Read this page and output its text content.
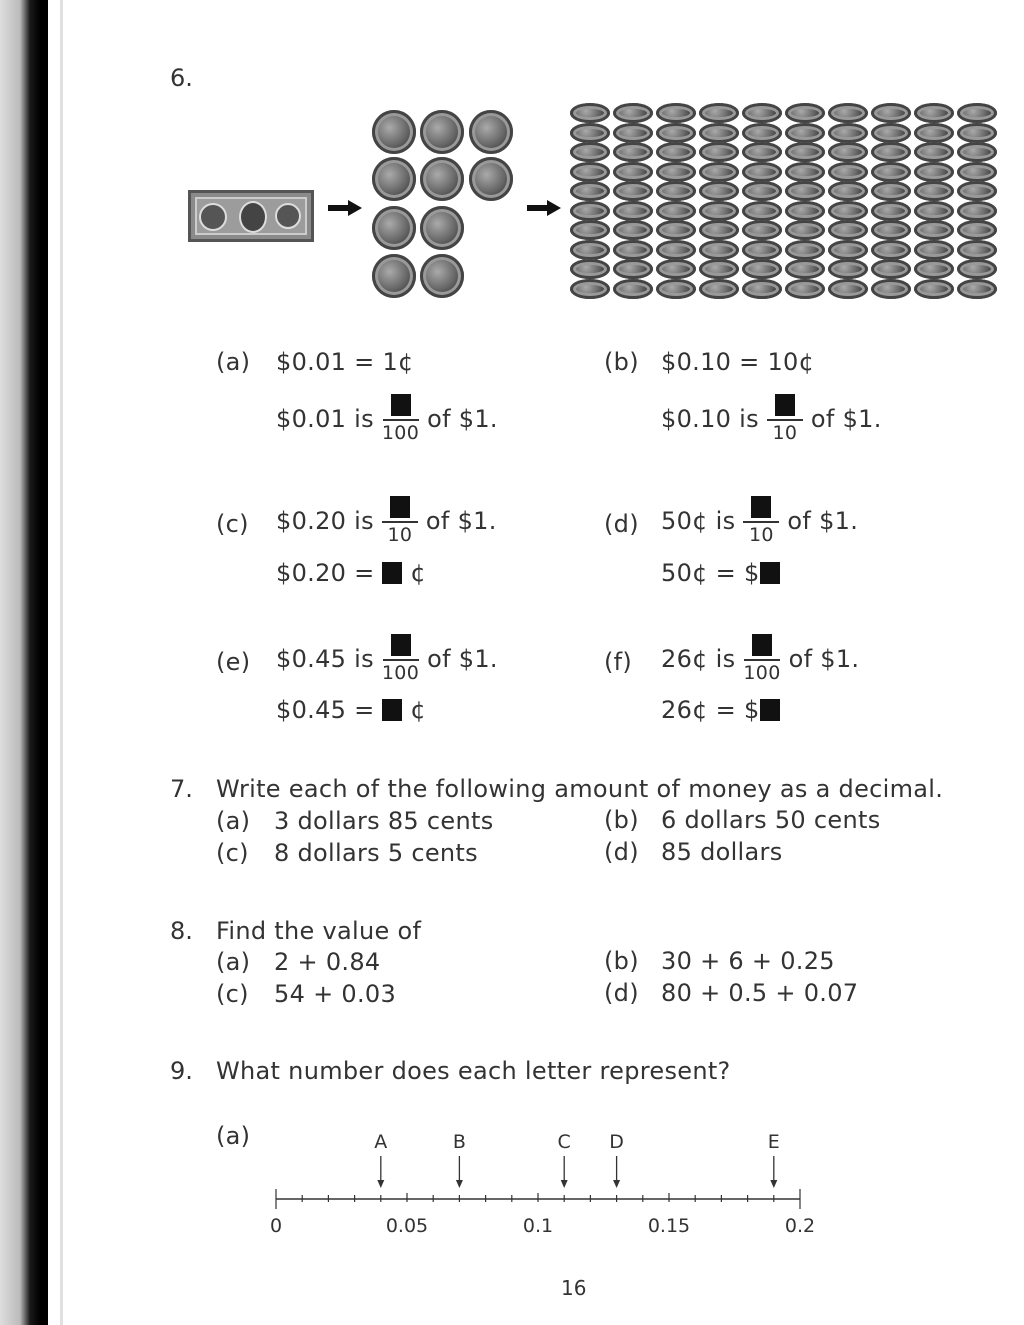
6.
(a) $0.01 = 1¢
$0.01 is
100
of $1.
(b) $0.10 = 10¢
$0.10 is
10
of $1.
(c) $0.20 is
10
of $1.
$0.20 = ¢
(d) 50¢ is
10
of $1.
50¢ = $
(e) $0.45 is
100
of $1.
$0.45 = ¢
(f) 26¢ is
100
of $1.
26¢ = $
7. Write each of the following amount of money as a decimal.
(a) 3 dollars 85 cents	(b) 6 dollars 50 cents
(c) 8 dollars 5 cents	(d) 85 dollars
8. Find the value of
(a) 2 + 0.84	(b) 30 + 6 + 0.25
(c) 54 + 0.03	(d) 80 + 0.5 + 0.07
9. What number does each letter represent?
(a)
0	0.05	0.1	0.15	0.2
A	B	C D	E
16
